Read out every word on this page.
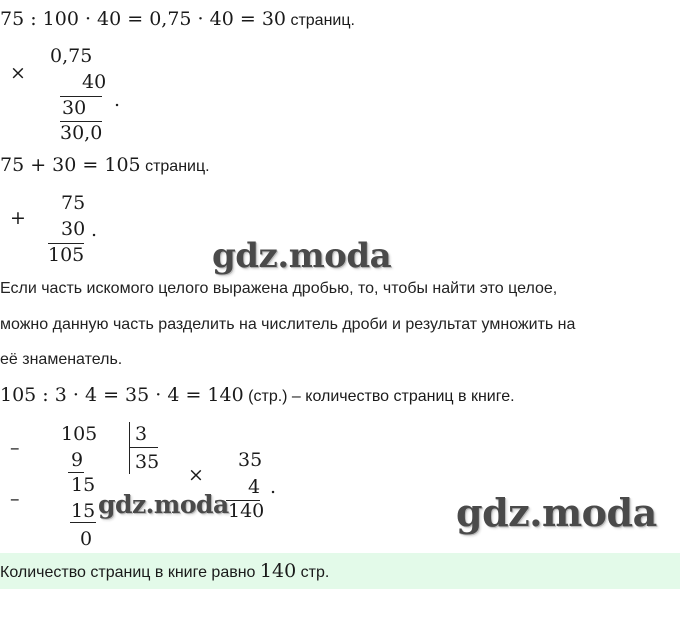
75 : 100 · 40 = 0,75 · 40 = 30 страниц.
×
0,75
40
30 .
30,0
75 + 30 = 105 страниц.
+
75
30
105
.
gdz.moda
Если часть искомого целого выражена дробью, то, чтобы найти это целое,
можно данную часть разделить на числитель дроби и результат умножить на
её знаменатель.
105 : 3 · 4 = 35 · 4 = 140 (стр.) – количество страниц в книге.
–
105
9
15
–
15
0
3
35
×
35
4
140
.
gdz.moda	gdz.moda
Количество страниц в книге равно 140 стр.
